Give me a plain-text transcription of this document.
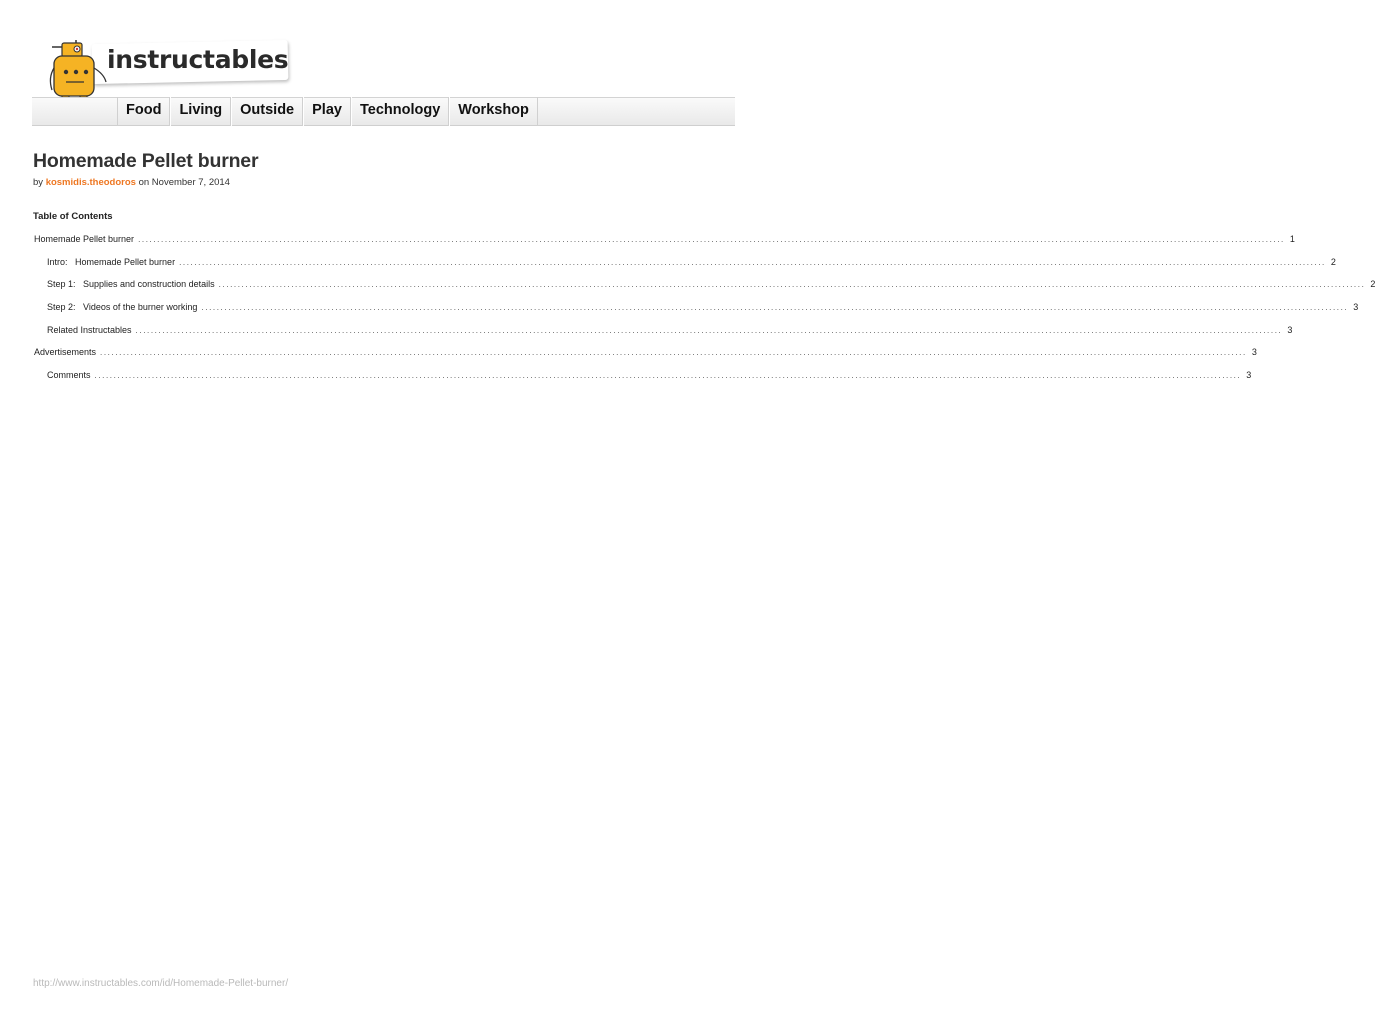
instructables
Food	Living	Outside	Play	Technology	Workshop
Homemade Pellet burner
by kosmidis.theodoros on November 7, 2014
Table of Contents
Homemade Pellet burner ............................................................................................................................................................................................................................................................................................................ 1
Intro:   Homemade Pellet burner ............................................................................................................................................................................................................................................................................................................ 2
Step 1:   Supplies and construction details ............................................................................................................................................................................................................................................................................................................ 2
Step 2:   Videos of the burner working ............................................................................................................................................................................................................................................................................................................ 3
Related Instructables ............................................................................................................................................................................................................................................................................................................ 3
Advertisements ............................................................................................................................................................................................................................................................................................................ 3
Comments ............................................................................................................................................................................................................................................................................................................ 3
http://www.instructables.com/id/Homemade-Pellet-burner/
